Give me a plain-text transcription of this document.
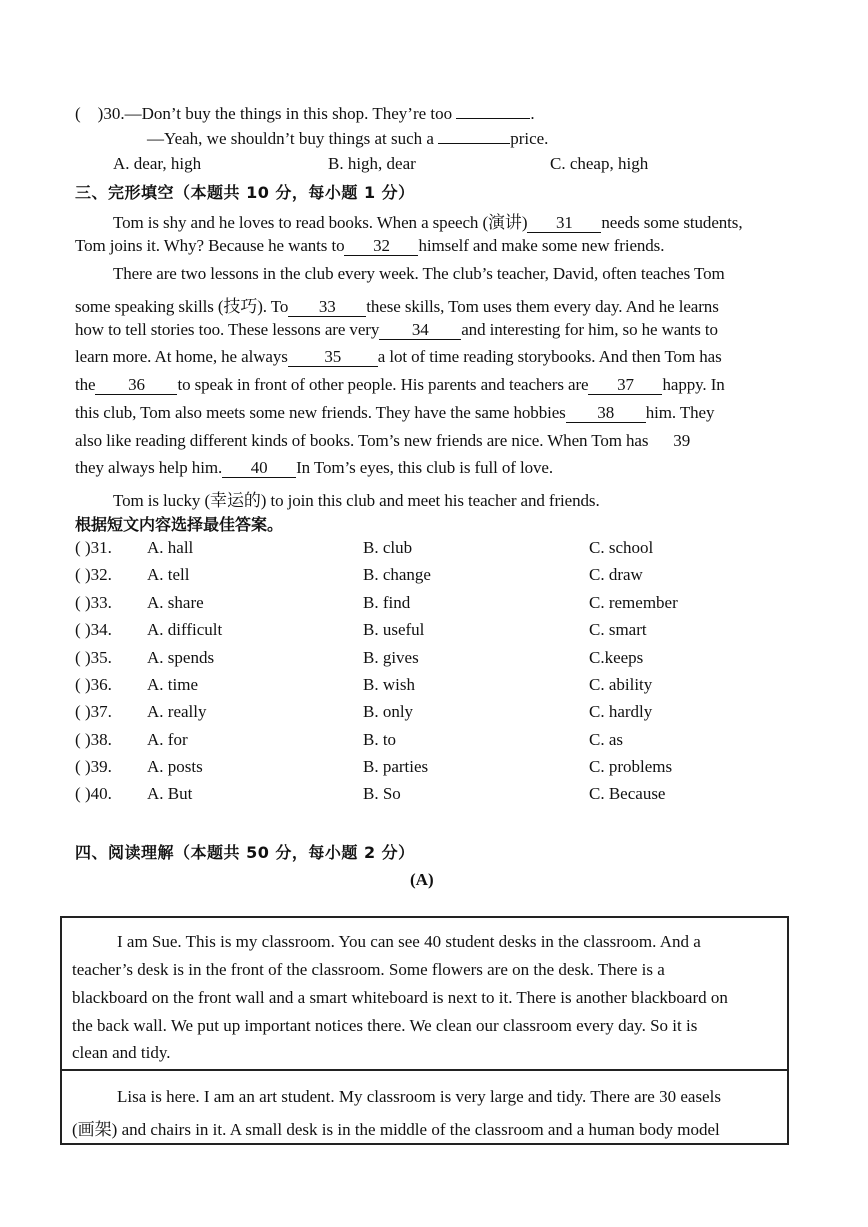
( )30.—Don’t buy the things in this shop. They’re too	.
—Yeah, we shouldn’t buy things at such a	price.
A. dear, high	B. high, dear	C. cheap, high
三、完形填空（本题共 10 分，每小题 1 分）
Tom is shy and he loves to read books. When a speech (演讲) 31 needs some students,
Tom joins it. Why? Because he wants to 32 himself and make some new friends.
There are two lessons in the club every week. The club’s teacher, David, often teaches Tom
some speaking skills (技巧). To 33 these skills, Tom uses them every day. And he learns
how to tell stories too. These lessons are very 34 and interesting for him, so he wants to
learn more. At home, he always 35 a lot of time reading storybooks. And then Tom has
the 36 to speak in front of other people. His parents and teachers are 37 happy. In
this club, Tom also meets some new friends. They have the same hobbies 38 him. They
also like reading different kinds of books. Tom’s new friends are nice. When Tom has 39
they always help him. 40 In Tom’s eyes, this club is full of love.
Tom is lucky (幸运的) to join this club and meet his teacher and friends.
根据短文内容选择最佳答案。
( )31. A. hall	B. club	C. school
( )32. A. tell	B. change	C. draw
( )33. A. share	B. find	C. remember
( )34. A. difficult	B. useful	C. smart
( )35. A. spends	B. gives	C.keeps
( )36. A. time	B. wish	C. ability
( )37. A. really	B. only	C. hardly
( )38. A. for	B. to	C. as
( )39. A. posts	B. parties	C. problems
( )40. A. But	B. So	C. Because
四、阅读理解（本题共 50 分，每小题 2 分）
(A)

I am Sue. This is my classroom. You can see 40 student desks in the classroom. And a

teacher’s desk is in the front of the classroom. Some flowers are on the desk. There is a

blackboard on the front wall and a smart whiteboard is next to it. There is another blackboard on

the back wall. We put up important notices there. We clean our classroom every day. So it is

clean and tidy.

Lisa is here. I am an art student. My classroom is very large and tidy. There are 30 easels

(画架) and chairs in it. A small desk is in the middle of the classroom and a human body model
